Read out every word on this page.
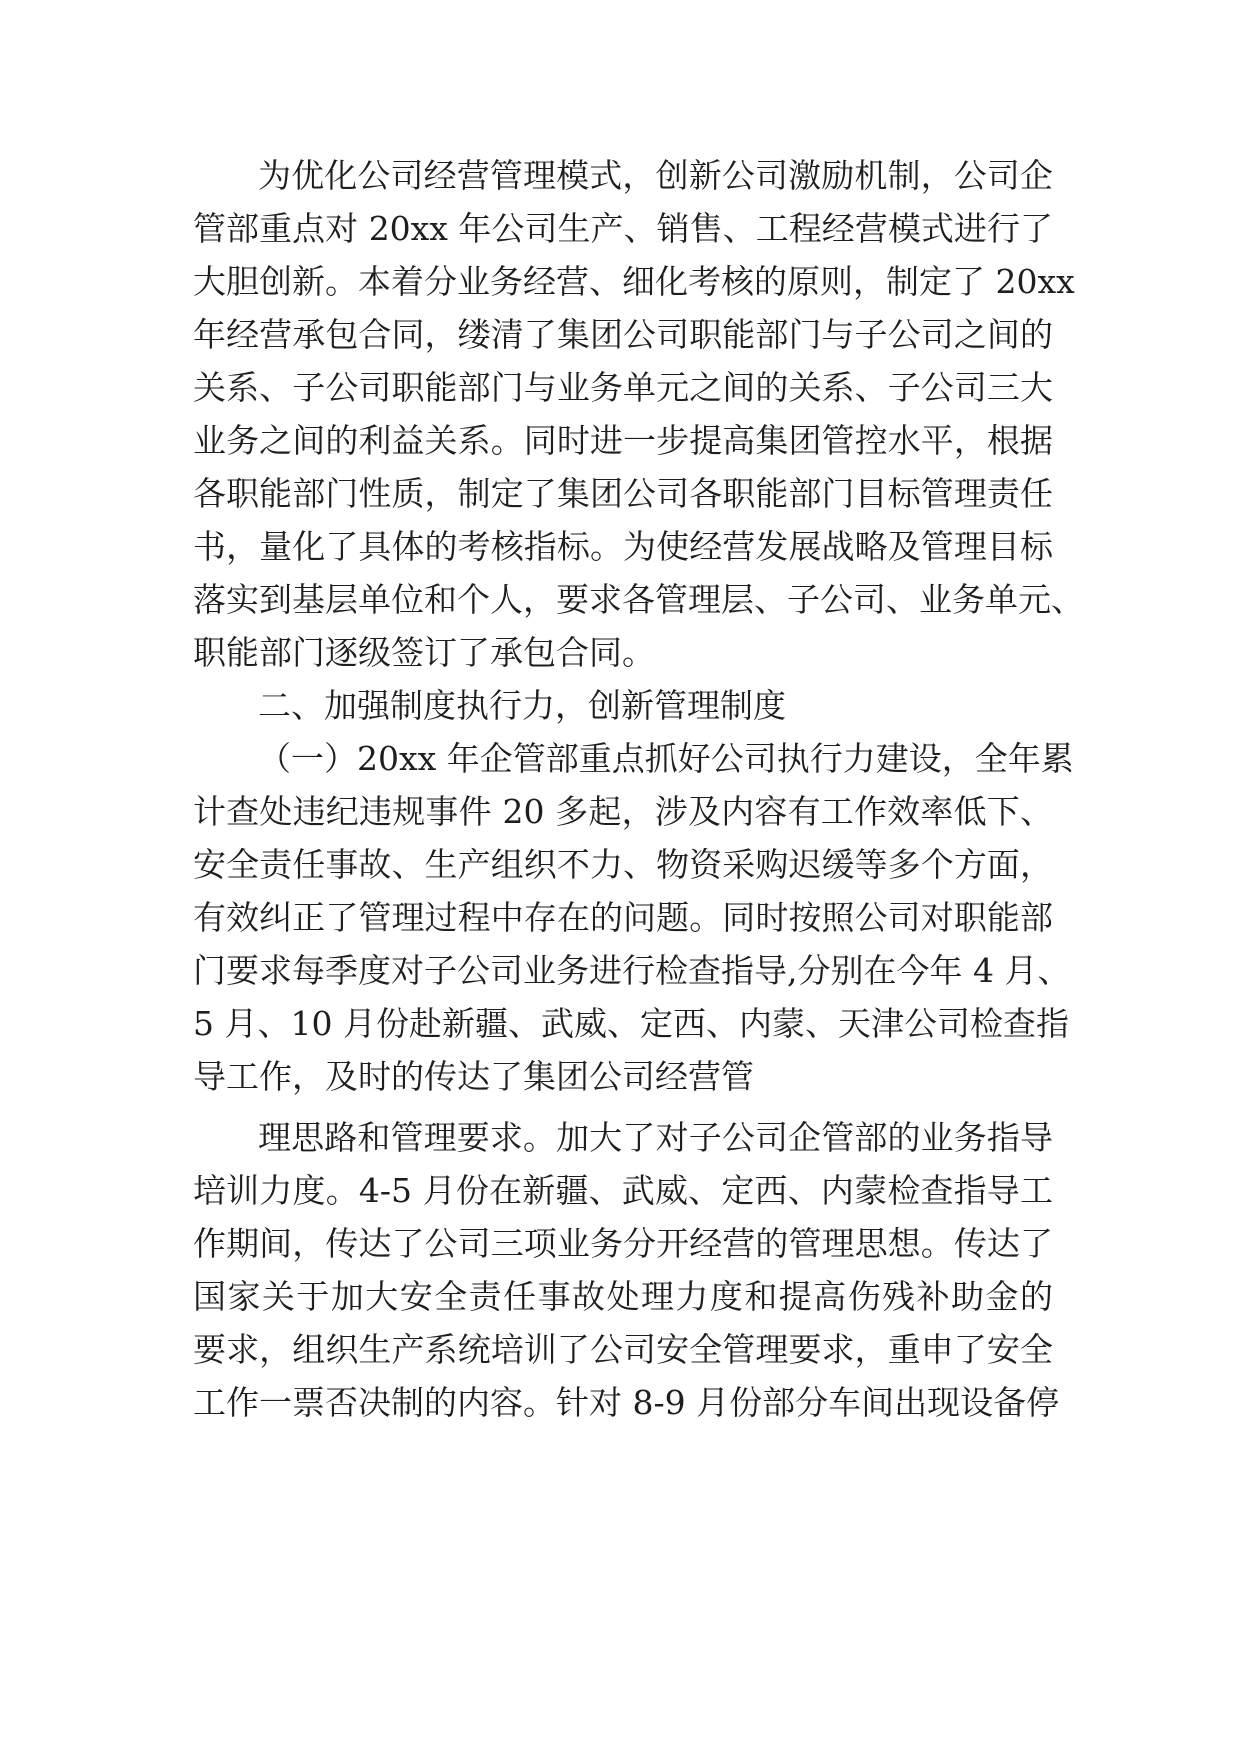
为优化公司经营管理模式，创新公司激励机制，公司企
管部重点对 20xx 年公司生产、销售、工程经营模式进行了
大胆创新。本着分业务经营、细化考核的原则，制定了 20xx
年经营承包合同，缕清了集团公司职能部门与子公司之间的
关系、子公司职能部门与业务单元之间的关系、子公司三大
业务之间的利益关系。同时进一步提高集团管控水平，根据
各职能部门性质，制定了集团公司各职能部门目标管理责任
书，量化了具体的考核指标。为使经营发展战略及管理目标
落实到基层单位和个人，要求各管理层、子公司、业务单元、
职能部门逐级签订了承包合同。
二、加强制度执行力，创新管理制度
（一）20xx 年企管部重点抓好公司执行力建设，全年累
计查处违纪违规事件 20 多起，涉及内容有工作效率低下、
安全责任事故、生产组织不力、物资采购迟缓等多个方面，
有效纠正了管理过程中存在的问题。同时按照公司对职能部
门要求每季度对子公司业务进行检查指导,分别在今年 4 月、
5 月、10 月份赴新疆、武威、定西、内蒙、天津公司检查指
导工作，及时的传达了集团公司经营管
理思路和管理要求。加大了对子公司企管部的业务指导
培训力度。4-5 月份在新疆、武威、定西、内蒙检查指导工
作期间，传达了公司三项业务分开经营的管理思想。传达了
国家关于加大安全责任事故处理力度和提高伤残补助金的
要求，组织生产系统培训了公司安全管理要求，重申了安全
工作一票否决制的内容。针对 8-9 月份部分车间出现设备停
